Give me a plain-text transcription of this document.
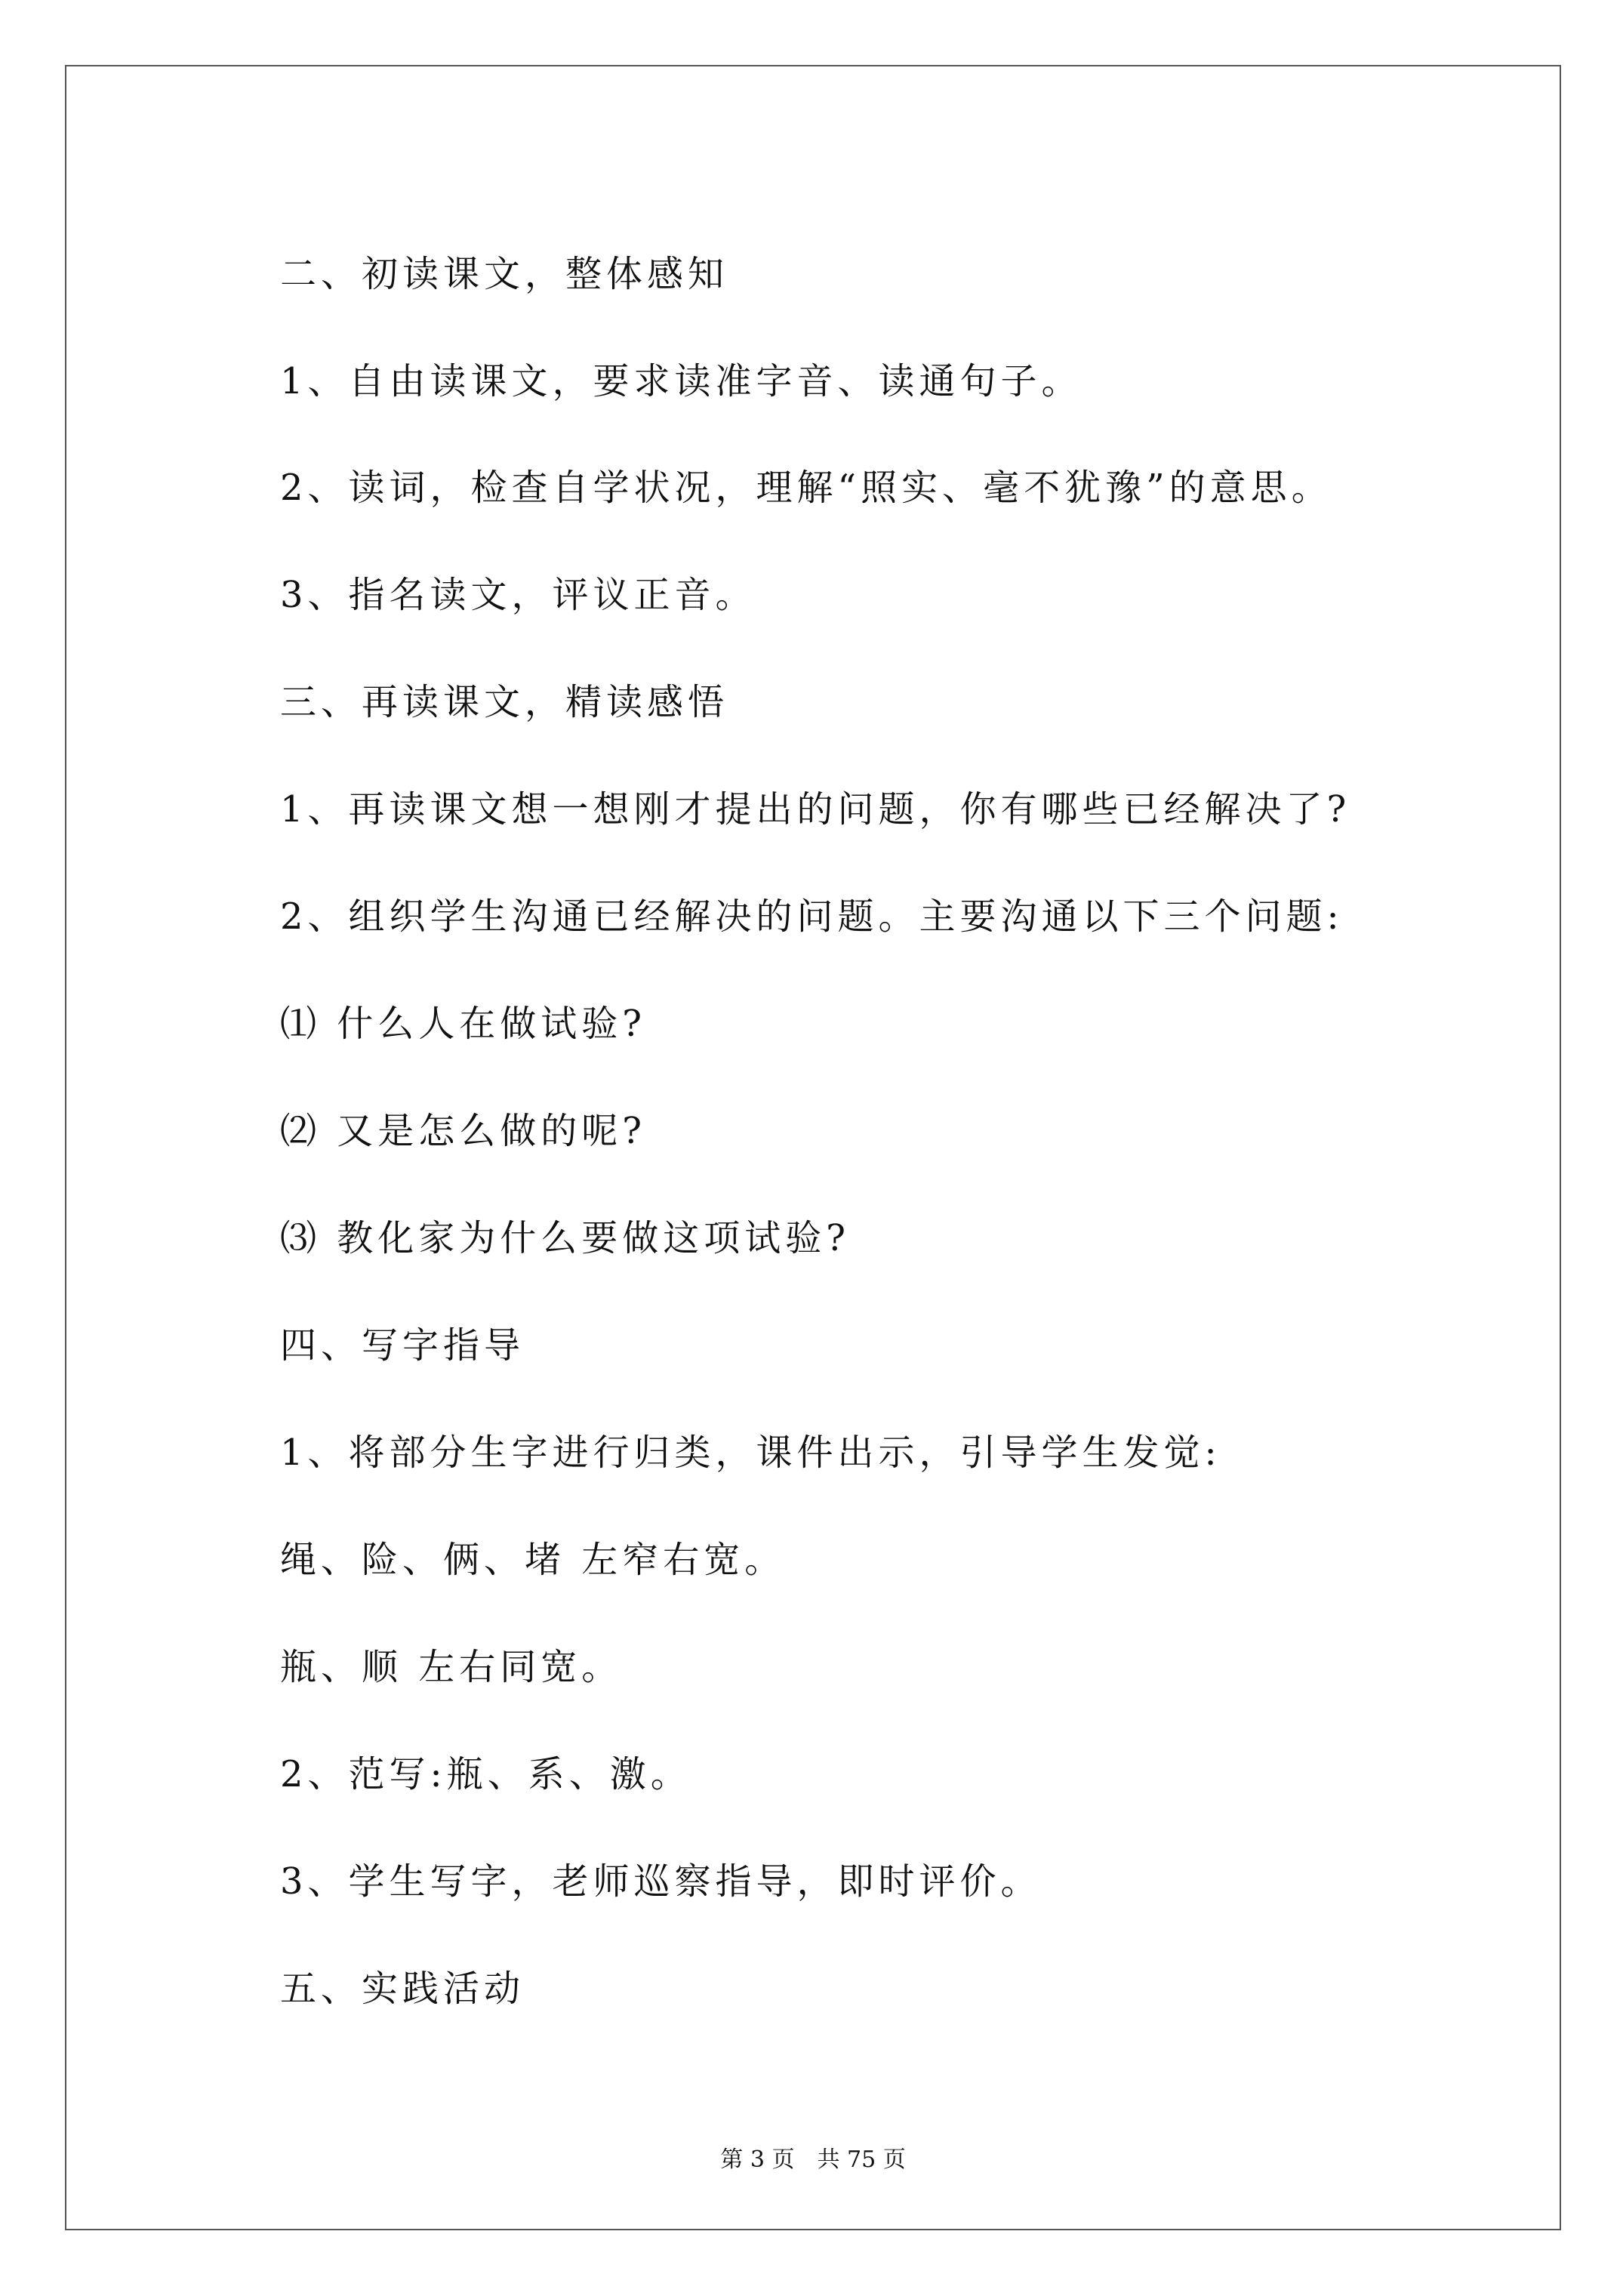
二、初读课文，整体感知
1、自由读课文，要求读准字音、读通句子。
2、读词，检查自学状况，理解“照实、毫不犹豫”的意思。
3、指名读文，评议正音。
三、再读课文，精读感悟
1、再读课文想一想刚才提出的问题，你有哪些已经解决了?
2、组织学生沟通已经解决的问题。主要沟通以下三个问题:
⑴ 什么人在做试验?
⑵ 又是怎么做的呢?
⑶ 教化家为什么要做这项试验?
四、写字指导
1、将部分生字进行归类，课件出示，引导学生发觉:
绳、险、俩、堵 左窄右宽。
瓶、顺 左右同宽。
2、范写:瓶、系、激。
3、学生写字，老师巡察指导，即时评价。
五、实践活动
第 3 页 共 75 页
